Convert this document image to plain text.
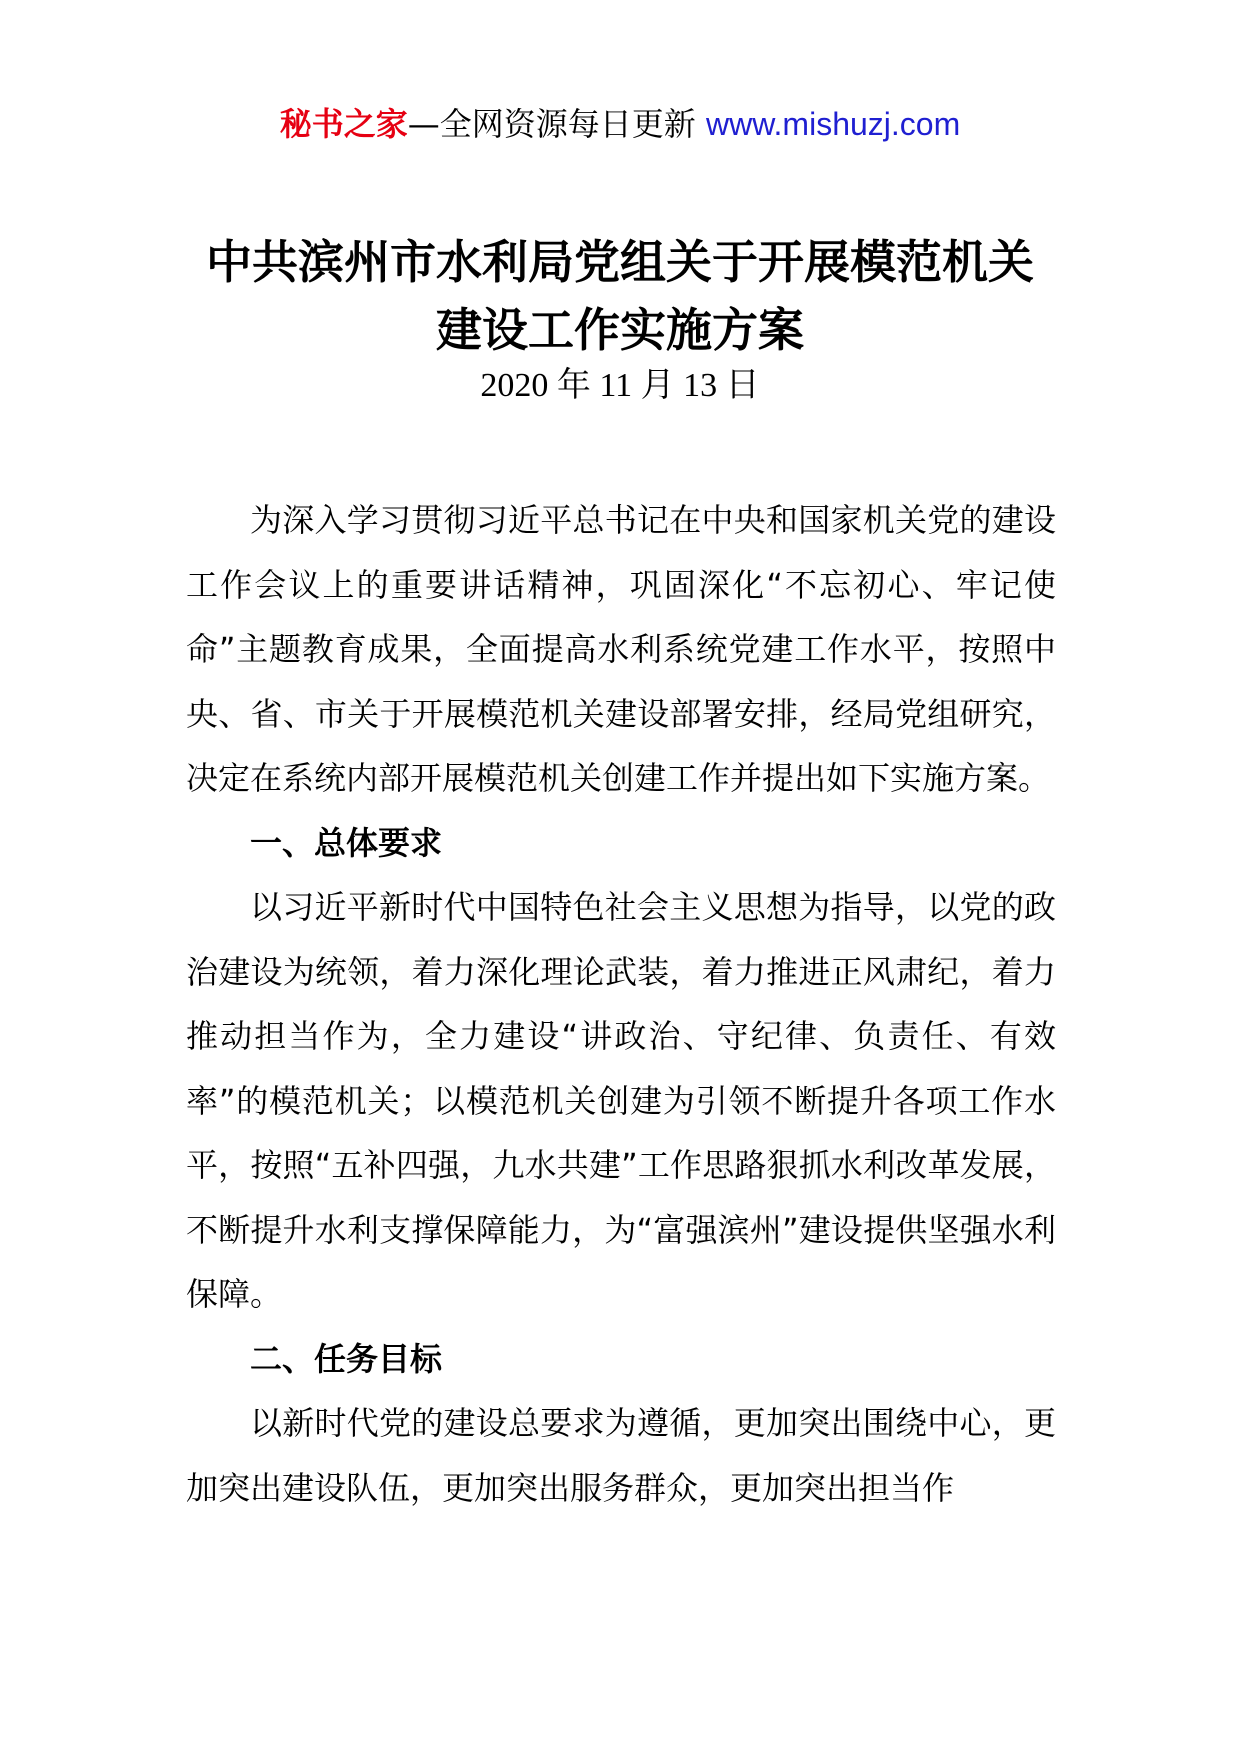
秘书之家—全网资源每日更新 www.mishuzj.com
中共滨州市水利局党组关于开展模范机关
建设工作实施方案
2020 年 11 月 13 日

为深入学习贯彻习近平总书记在中央和国家机关党的建设工作会议上的重要讲话精神，巩固深化“不忘初心、牢记使命”主题教育成果，全面提高水利系统党建工作水平，按照中央、省、市关于开展模范机关建设部署安排，经局党组研究，决定在系统内部开展模范机关创建工作并提出如下实施方案。

一、总体要求

以习近平新时代中国特色社会主义思想为指导，以党的政治建设为统领，着力深化理论武装，着力推进正风肃纪，着力推动担当作为，全力建设“讲政治、守纪律、负责任、有效率”的模范机关；以模范机关创建为引领不断提升各项工作水平，按照“五补四强，九水共建”工作思路狠抓水利改革发展，不断提升水利支撑保障能力，为“富强滨州”建设提供坚强水利保障。

二、任务目标

以新时代党的建设总要求为遵循，更加突出围绕中心，更加突出建设队伍，更加突出服务群众，更加突出担当作
